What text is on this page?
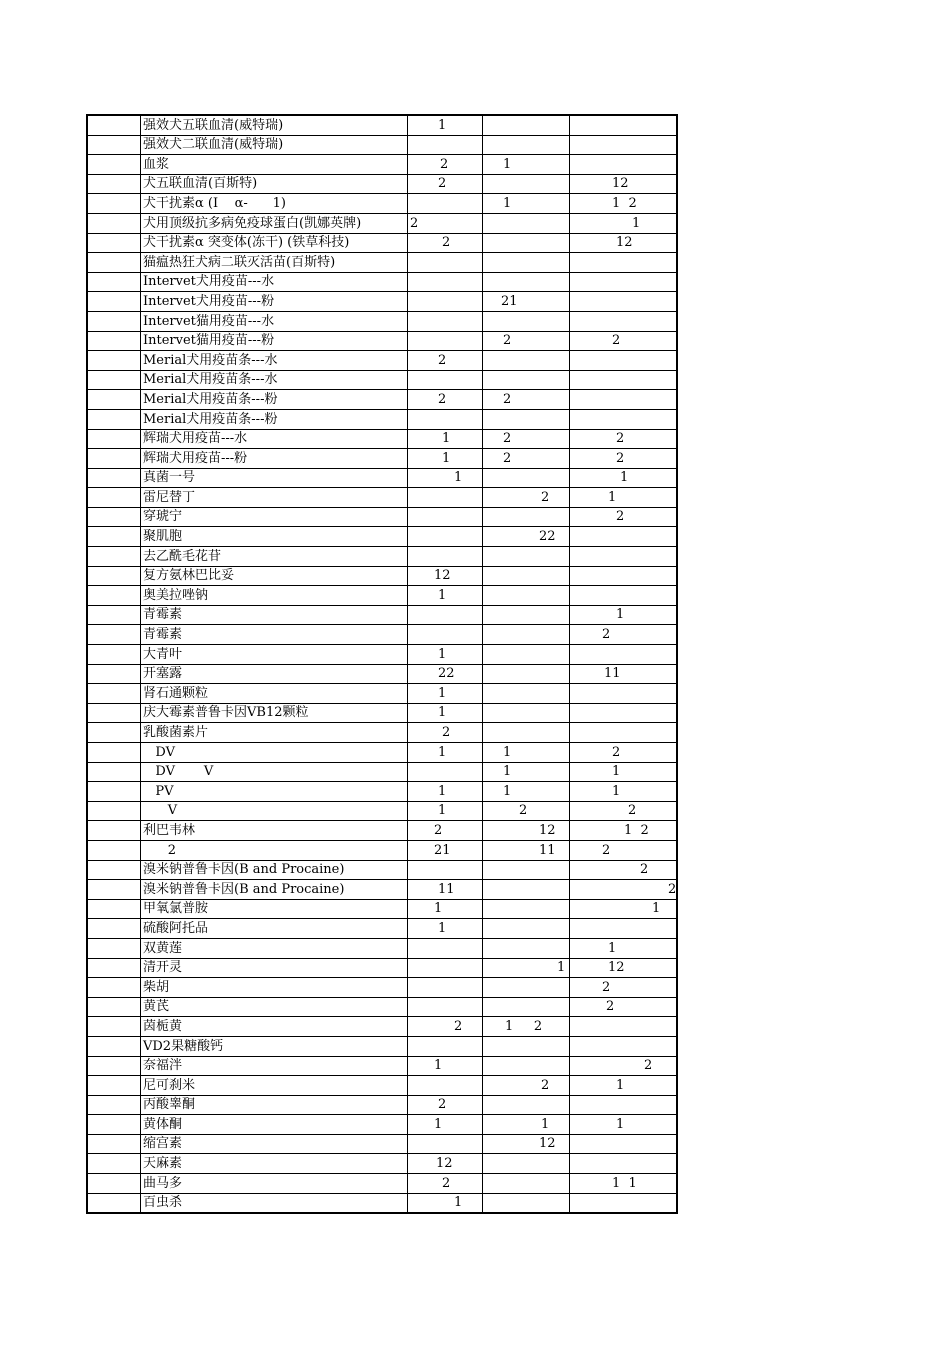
	强效犬五联血清(威特瑞)	1		
	强效犬二联血清(威特瑞)			
	血浆	2	1	
	犬五联血清(百斯特)	2		12
	犬干扰素α (I    α-      1)		1	1  2
	犬用顶级抗多病免疫球蛋白(凯娜英牌)	2		1
	犬干扰素α 突变体(冻干) (铁草科技)	2		12
	猫瘟热狂犬病二联灭活苗(百斯特)			
	Intervet犬用疫苗---水			
	Intervet犬用疫苗---粉		21	
	Intervet猫用疫苗---水			
	Intervet猫用疫苗---粉		2	2
	Merial犬用疫苗条---水	2		
	Merial犬用疫苗条---水			
	Merial犬用疫苗条---粉	2	2	
	Merial犬用疫苗条---粉			
	辉瑞犬用疫苗---水	1	2	2
	辉瑞犬用疫苗---粉	1	2	2
	真菌一号	1		1
	雷尼替丁		2	1
	穿琥宁			2
	聚肌胞		22	
	去乙酰毛花苷			
	复方氨林巴比妥	12		
	奥美拉唑钠	1		
	青霉素			1
	青霉素			2
	大青叶	1		
	开塞露	22		11
	肾石通颗粒	1		
	庆大霉素普鲁卡因VB12颗粒	1		
	乳酸菌素片	2		
	DV	1	1	2
	DV       V		1	1
	PV	1	1	1
	V	1	2	2
	利巴韦林	2	12	1  2
	2	21	11	2
	溴米钠普鲁卡因(B and Procaine)			2
	溴米钠普鲁卡因(B and Procaine)	11		2
	甲氧氯普胺	1		1
	硫酸阿托品	1		
	双黄莲			1
	清开灵		1	12
	柴胡			2
	黄芪			2
	茵栀黄	2	1     2	
	VD2果糖酸钙			
	奈福泮	1		2
	尼可刹米		2	1
	丙酸睾酮	2		
	黄体酮	1	1	1
	缩宫素		12	
	天麻素	12		
	曲马多	2		1  1
	百虫杀	1		
